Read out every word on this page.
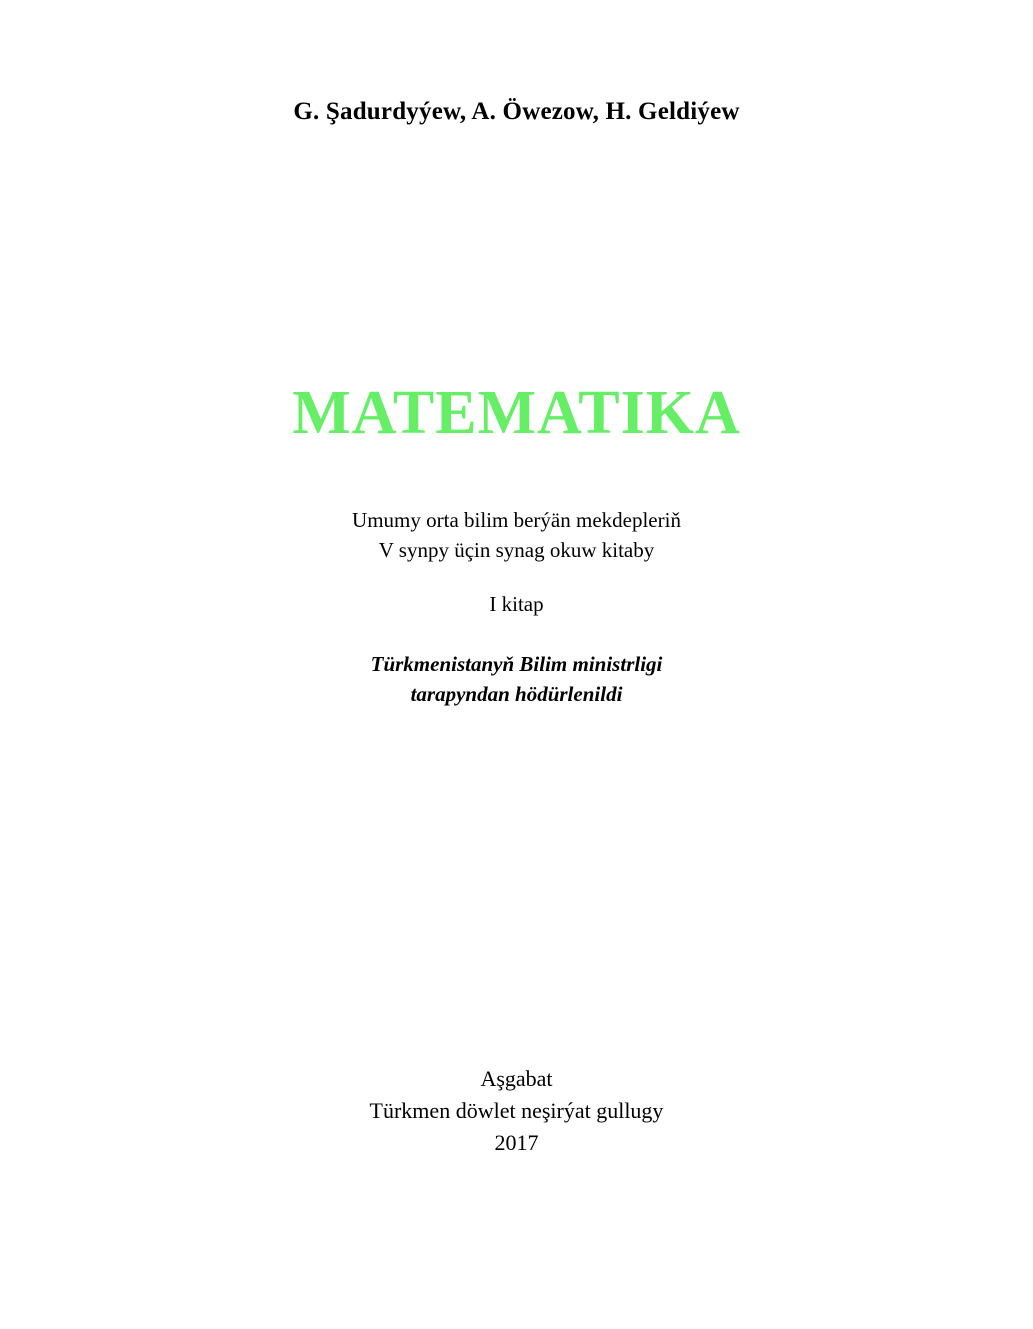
G. Şadurdyýew, A. Öwezow, H. Geldiýew
MATEMATIKA
Umumy orta bilim berýän mekdepleriň
V synpy üçin synag okuw kitaby
I kitap
Türkmenistanyň Bilim ministrligi
tarapyndan hödürlenildi
Aşgabat
Türkmen döwlet neşirýat gullugy
2017
